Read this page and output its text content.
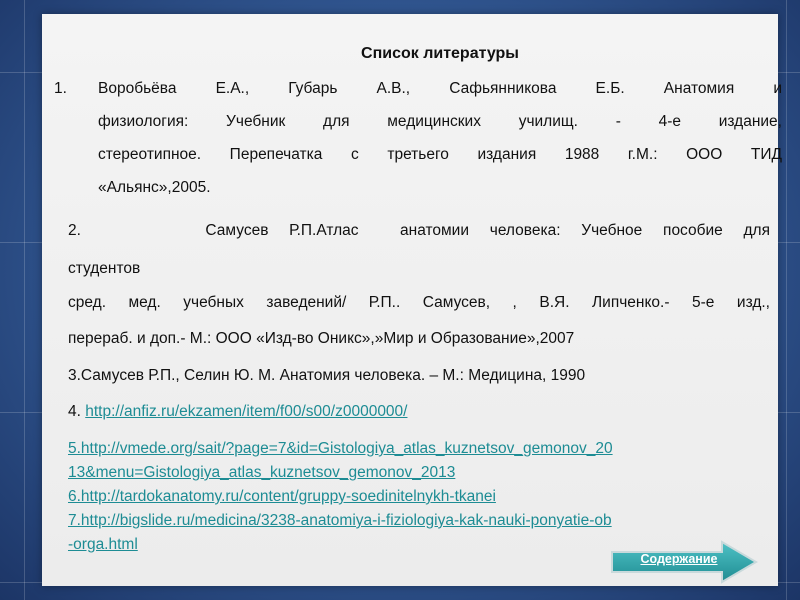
Список литературы
1. Воробьёва Е.А., Губарь А.В., Сафьянникова Е.Б. Анатомия и
физиология: Учебник для медицинских училищ. - 4-е издание,
стереотипное. Перепечатка с третьего издания 1988 г.М.: ООО ТИД
«Альянс»,2005.
2.      Самусев Р.П.Атлас  анатомии человека: Учебное пособие для
студентов
сред. мед. учебных заведений/ Р.П.. Самусев, , В.Я. Липченко.- 5-е изд.,
перераб. и доп.- М.: ООО «Изд-во Оникс»,»Мир и Образование»,2007
3.Самусев Р.П., Селин Ю. М. Анатомия человека. – М.: Медицина, 1990
4. http://anfiz.ru/ekzamen/item/f00/s00/z0000000/
5.http://vmede.org/sait/?page=7&id=Gistologiya_atlas_kuznetsov_gemonov_20
13&menu=Gistologiya_atlas_kuznetsov_gemonov_2013
6.http://tardokanatomy.ru/content/gruppy-soedinitelnykh-tkanei
7.http://bigslide.ru/medicina/3238-anatomiya-i-fiziologiya-kak-nauki-ponyatie-ob
-orga.html
Содержание
